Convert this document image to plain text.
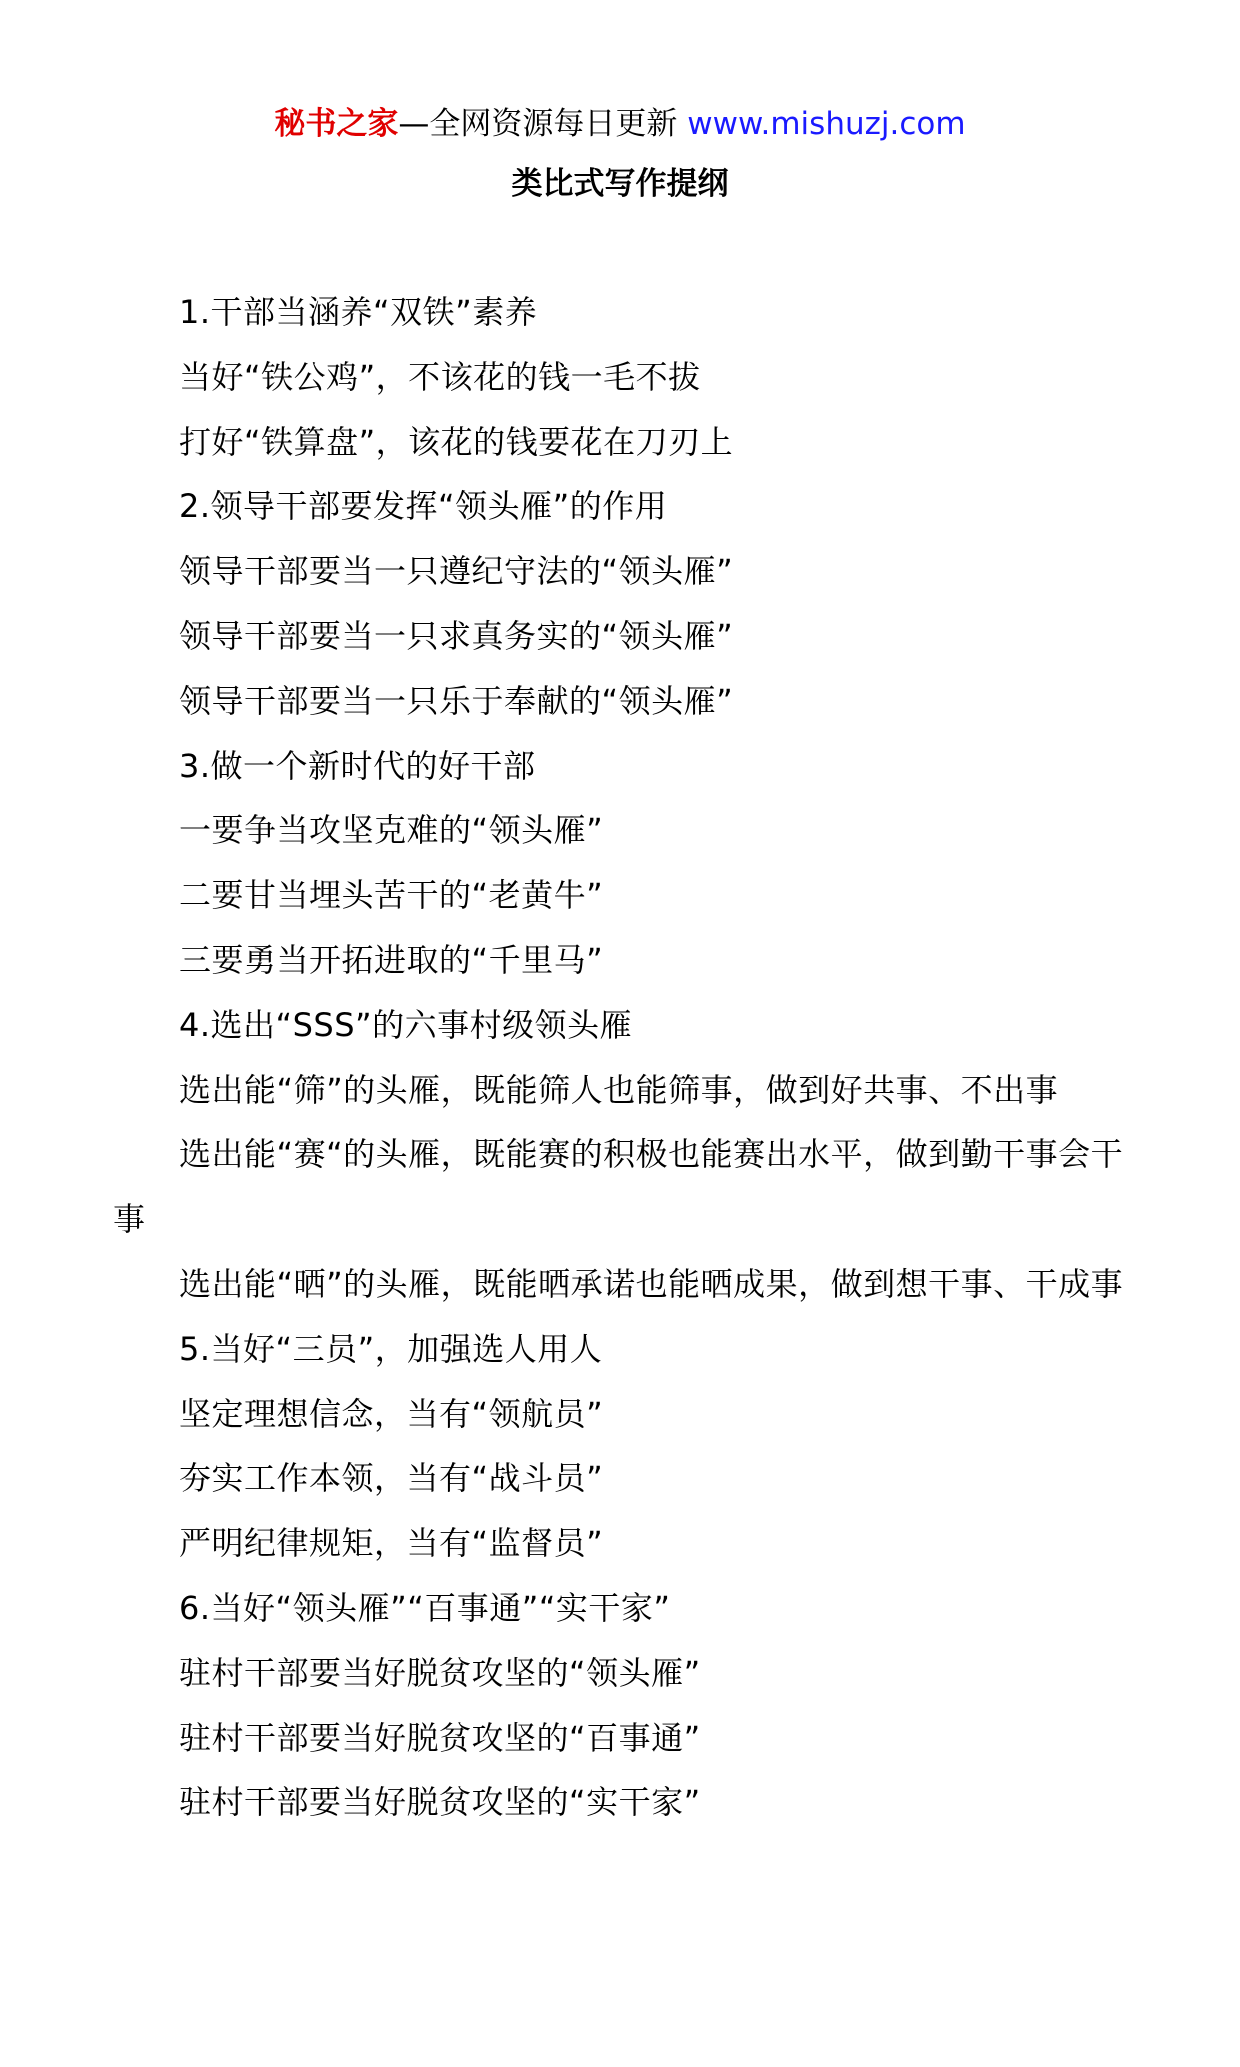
秘书之家—全网资源每日更新 www.mishuzj.com
类比式写作提纲

1.干部当涵养“双铁”素养

当好“铁公鸡”，不该花的钱一毛不拔

打好“铁算盘”，该花的钱要花在刀刃上

2.领导干部要发挥“领头雁”的作用

领导干部要当一只遵纪守法的“领头雁”

领导干部要当一只求真务实的“领头雁”

领导干部要当一只乐于奉献的“领头雁”

3.做一个新时代的好干部

一要争当攻坚克难的“领头雁”

二要甘当埋头苦干的“老黄牛”

三要勇当开拓进取的“千里马”

4.选出“SSS”的六事村级领头雁

选出能“筛”的头雁，既能筛人也能筛事，做到好共事、不出事

选出能“赛“的头雁，既能赛的积极也能赛出水平，做到勤干事会干事

选出能“晒”的头雁，既能晒承诺也能晒成果，做到想干事、干成事

5.当好“三员”，加强选人用人

坚定理想信念，当有“领航员”

夯实工作本领，当有“战斗员”

严明纪律规矩，当有“监督员”

6.当好“领头雁”“百事通”“实干家”

驻村干部要当好脱贫攻坚的“领头雁”

驻村干部要当好脱贫攻坚的“百事通”

驻村干部要当好脱贫攻坚的“实干家”
